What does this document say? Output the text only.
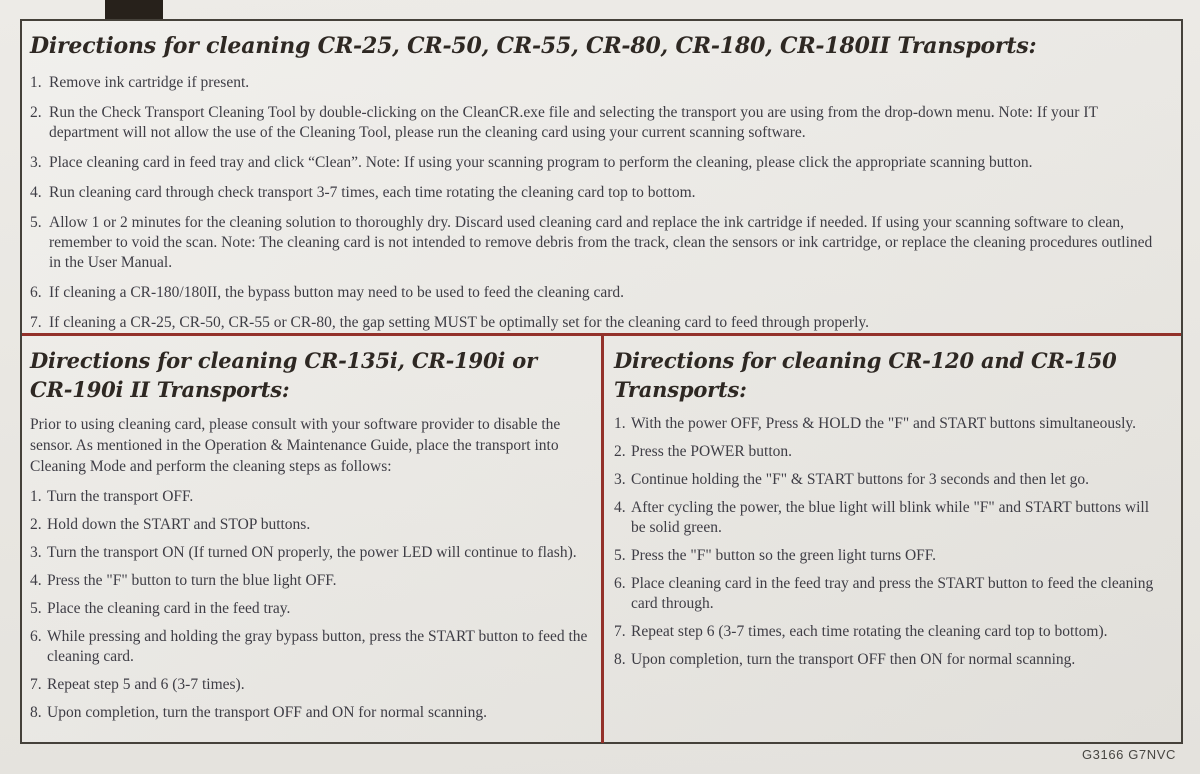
Directions for cleaning CR-25, CR-50, CR-55, CR-80, CR-180, CR-180II Transports:
1. Remove ink cartridge if present.
2. Run the Check Transport Cleaning Tool by double-clicking on the CleanCR.exe file and selecting the transport you are using from the drop-down menu. Note: If your IT department will not allow the use of the Cleaning Tool, please run the cleaning card using your current scanning software.
3. Place cleaning card in feed tray and click “Clean”. Note: If using your scanning program to perform the cleaning, please click the appropriate scanning button.
4. Run cleaning card through check transport 3-7 times, each time rotating the cleaning card top to bottom.
5. Allow 1 or 2 minutes for the cleaning solution to thoroughly dry. Discard used cleaning card and replace the ink cartridge if needed. If using your scanning software to clean, remember to void the scan. Note: The cleaning card is not intended to remove debris from the track, clean the sensors or ink cartridge, or replace the cleaning procedures outlined in the User Manual.
6. If cleaning a CR-180/180II, the bypass button may need to be used to feed the cleaning card.
7. If cleaning a CR-25, CR-50, CR-55 or CR-80, the gap setting MUST be optimally set for the cleaning card to feed through properly.
Directions for cleaning CR-135i, CR-190i or CR-190i II Transports:

Prior to using cleaning card, please consult with your software provider to disable the sensor. As mentioned in the Operation & Maintenance Guide, place the transport into Cleaning Mode and perform the cleaning steps as follows:

1. Turn the transport OFF.
2. Hold down the START and STOP buttons.
3. Turn the transport ON (If turned ON properly, the power LED will continue to flash).
4. Press the "F" button to turn the blue light OFF.
5. Place the cleaning card in the feed tray.
6. While pressing and holding the gray bypass button, press the START button to feed the cleaning card.
7. Repeat step 5 and 6 (3-7 times).
8. Upon completion, turn the transport OFF and ON for normal scanning.
Directions for cleaning CR-120 and CR-150 Transports:
1. With the power OFF, Press & HOLD the "F" and START buttons simultaneously.
2. Press the POWER button.
3. Continue holding the "F" & START buttons for 3 seconds and then let go.
4. After cycling the power, the blue light will blink while "F" and START buttons will be solid green.
5. Press the "F" button so the green light turns OFF.
6. Place cleaning card in the feed tray and press the START button to feed the cleaning card through.
7. Repeat step 6 (3-7 times, each time rotating the cleaning card top to bottom).
8. Upon completion, turn the transport OFF then ON for normal scanning.
G3166 G7NVC
